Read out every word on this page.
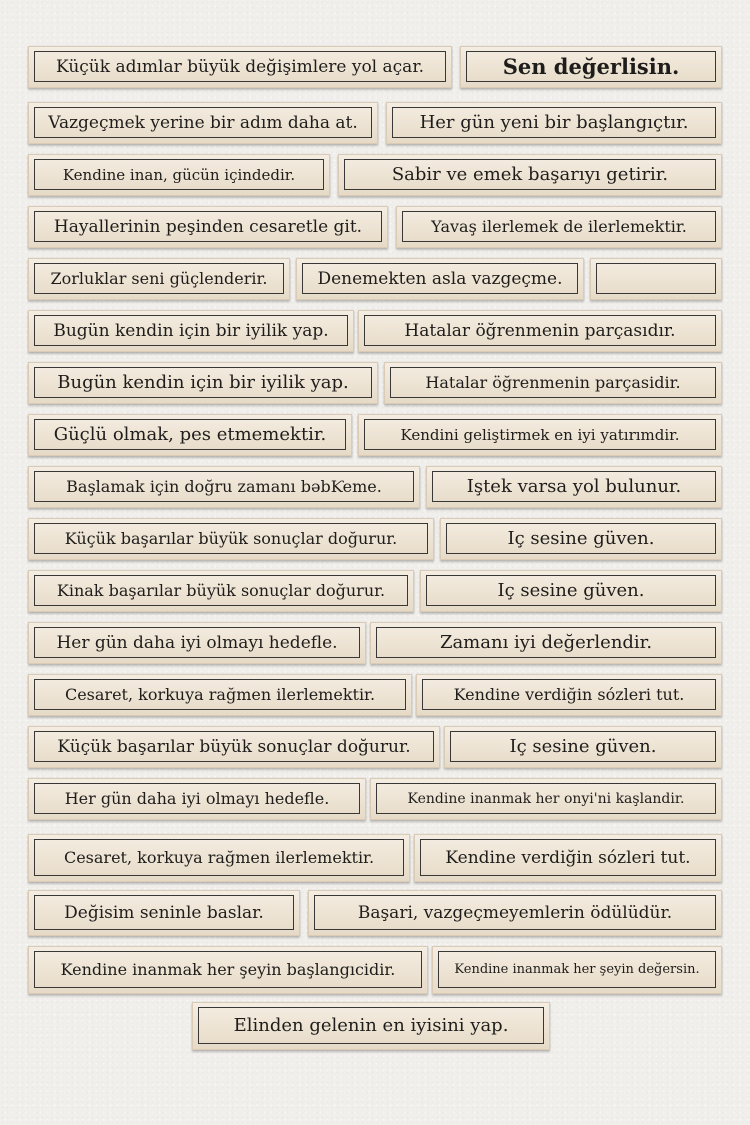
Küçük adımlar büyük değişimlere yol açar.	Sen değerlisin.
Vazgeçmek yerine bir adım daha at.	Her gün yeni bir başlangıçtır.
Kendine inan, gücün içindedir.	Sabir ve emek başarıyı getirir.
Hayallerinin peşinden cesaretle git.	Yavaş ilerlemek de ilerlemektir.
Zorluklar seni güçlenderir.	Denemekten asla vazgeçme.
Bugün kendin için bir iyilik yap.	Hatalar öğrenmenin parçasıdır.
Bugün kendin için bir iyilik yap.	Hatalar öğrenmenin parçasidir.
Güçlü olmak, pes etmemektir.	Kendini geliştirmek en iyi yatırımdir.
Başlamak için doğru zamanı bəbƘeme.	Iştek varsa yol bulunur.
Küçük başarılar büyük sonuçlar doğurur.	Iç sesine güven.
Kinak başarılar büyük sonuçlar doğurur.	Iç sesine güven.
Her gün daha iyi olmayı hedefle.	Zamanı iyi değerlendir.
Cesaret, korkuya rağmen ilerlemektir.	Kendine verdiğin sózleri tut.
Küçük başarılar büyük sonuçlar doğurur.	Iç sesine güven.
Her gün daha iyi olmayı hedefle.	Kendine inanmak her onyi'ni kaşlandir.
Cesaret, korkuya rağmen ilerlemektir.	Kendine verdiğin sózleri tut.
Değisim seninle baslar.	Başari, vazgeçmeyemlerin ödülüdür.
Kendine inanmak her şeyin başlangıcidir.	Kendine inanmak her şeyin değersin.
Elinden gelenin en iyisini yap.
